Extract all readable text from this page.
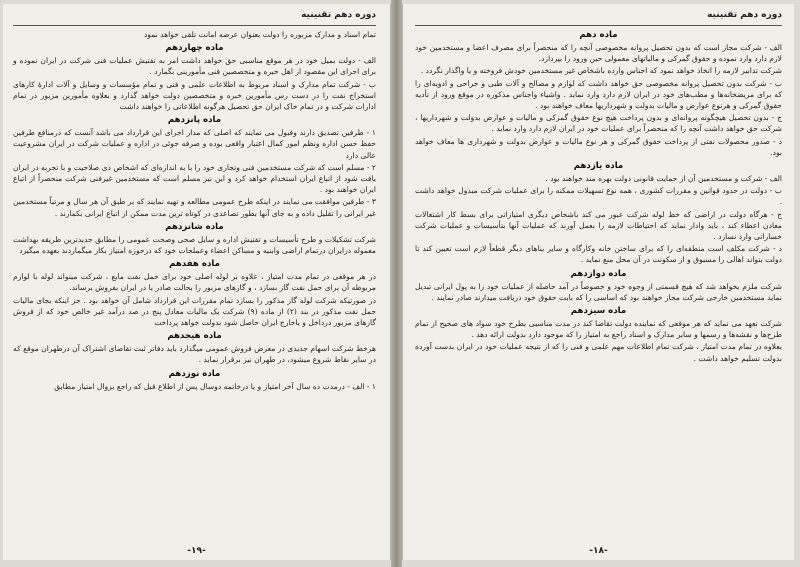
دوره دهم تقنینیه
تمام اسناد و مدارک مزبوره را دولت بعنوان عرضه امانت تلقی خواهد نمود
ماده چهاردهم
الف - دولت بمیل خود در هر موقع مناسبی حق خواهد داشت امر به تفتیش عملیات فنی شرکت در ایران نموده و برای اجرای این مقصود از اهل خبره و متخصصین فنی مأمورینی بگمارد .
ب - شرکت تمام مدارک و اسناد مربوط به اطلاعات علمی و فنی و تمام مؤسسات و وسایل و آلات ادارهٔ کارهای استخراج نفت را در دست رس مأمورین خبره و متخصصین دولت خواهد گذارد و بعلاوه مأمورین مزبور در تمام ادارات شرکت و در تمام خاک ایران حق تحصیل هرگونه اطلاعاتی را خواهند داشت
ماده پانزدهم
۱ - طرفین تصدیق دارند وقبول می نمایند که اصلی که مدار اجرای این قرارداد می باشد آنست که درمنافع طرفین حفظ حسن اداره ونظم امور کمال اعتبار واقعی بوده و صرفه جوئی در اداره و عملیات شرکت در ایران مشروعیت عالی دارد
۲ - مسلم است که شرکت مستخدمین فنی وتجاری خود را با به اندازه‌ای که اشخاص ذی صلاحیت و با تجربه در ایران یافت شود از اتباع ایران استخدام خواهد کرد و این نیز مسلم است که مستخدمین غیرفنی شرکت منحصراً از اتباع ایران خواهند بود .
۳ - طرفین موافقت می نمایند در اینکه طرح عمومی مطالعه و تهیه نمایند که بر طبق آن هر سال و مرتباً مستخدمین غیر ایرانی را تقلیل داده و به جای آنها بطور تصاعدی در کوتاه ترین مدت ممکن از اتباع ایرانی بکمارند .
ماده شانزدهم
شرکت تشکیلات و طرح تأسیسات و تفتیش اداره و سایل صحی وصحت عمومی را مطابق جدیدترین طریقه بهداشت معموله درایران درتمام اراضی وابنیه و مساکن اعضاء وعملجات خود که درحوزه امتیاز بکار میگماردند بعهده میگیرد
ماده هفدهم
در هر موقعی در تمام مدت امتیاز ، علاوه بر لوله اصلی خود برای حمل نفت مایع ، شرکت میتواند لوله با لوازم مربوطه آن برای حمل نفت گاز بسازد ، و گازهای مزبور را بحالت صادر یا در ایران بفروش برساند.
در صورتیکه شرکت لوله گاز مذکور را بسازد تمام مقررات این قرارداد شامل آن خواهد بود . جز اینکه بجای مالیات حمل نفت مذکور در بند (۲) از ماده (۹) شرکت یک مالیات معادل پنج در صد درآمد غیر خالص خود که از فروش گازهای مزبور درداخل و یاخارج ایران حاصل شود بدولت خواهد پرداخت
ماده هیجدهم
هرخط شرکت اسهام جدیدی در معرض فروش عمومی میگذارد باید دفاتر ثبت تقاضای اشتراک آن درطهران موقع که در سایر نقاط شروع میشود، در طهران نیز برقرار نماید .
ماده نوزدهم
۱ - الف - درمدت ده سال آخر امتیاز و یا درخاتمه دوسال پس از اطلاع قبل که راجع بزوال امتیاز مطابق
-۱۹-
دوره دهم تقنینیه
ماده دهم
الف - شرکت مجاز است که بدون تحصیل پروانه مخصوصی آنچه را که منحصراً برای مصرف اعضا و مستخدمین خود لازم دارد وارد نموده و حقوق گمرکی و مالیاتهای معمولی حین ورود را بپردازد.
شرکت تدابیر لازمه را اتخاذ خواهد نمود که اجناس وارده باشخاص غیر مستخدمین خودش فروخته و یا واگذار نگردد .
ب - شرکت بدون تحصیل پروانه مخصوصی حق خواهد داشت که لوازم و مصالح و آلات طبی و جراحی و ادویه‌ای را که برای مریضخانه‌ها و مطب‌های خود در ایران لازم دارد وارد نماید . واشیاء واجناس مذکوره در موقع ورود از تأدیه حقوق گمرکی و هرنوع عوارض و مالیات بدولت و شهرداریها معاف خواهند بود .
ج - بدون تحصیل هیچگونه پروانه‌ای و بدون پرداخت هیچ نوع حقوق گمرکی و مالیات و عوارض بدولت و شهرداریها ، شرکت حق خواهد داشت آنچه را که منحصراً برای عملیات خود در ایران لازم دارد وارد نماید .
د - صدور محصولات نفتی از پرداخت حقوق گمرکی و هر نوع مالیات و عوارض بدولت و شهرداری ها معاف خواهد بود.
ماده یازدهم
الف - شرکت و مستخدمین آن از حمایت قانونی دولت بهره مند خواهند بود .
ب - دولت در حدود قوانین و مقررات کشوری ، همه نوع تسهیلات ممکنه را برای عملیات شرکت مبذول خواهد داشت .
ج - هرگاه دولت در اراضی که خط لوله شرکت عبور می کند باشخاص دیگری امتیازاتی برای بسط کار اشتغالات معادن اعطاء کند ، باید وادار نماید که احتیاطات لازمه را بعمل آورند که عملیات آنها بتأسیسات و عملیات شرکت خساراتی وارد نسازد .
د - شرکت مکلف است منطقه‌ای را که برای ساختن خانه وکارگاه و سایر بناهای دیگر قطعاً لازم است تعیین کند تا دولت بتواند اهالی را مسبوق و از سکونت در آن محل منع نماید .
ماده دوازدهم
شرکت ملزم بخواهد شد که هیچ قسمتی از وجوه خود و خصوصاً در آمد حاصله از عملیات خود را به پول ایرانی تبدیل نماید مستخدمین خارجی شرکت مجاز خواهند بود که اساسی را که بابت حقوق خود دریافت میدارند صادر نمایند .
ماده سیزدهم
شرکت تعهد می نماید که هر موقعی که نماینده دولت تقاضا کند در مدت مناسبی بطرح خود سواد های صحیح از تمام طرح‌ها و نقشه‌ها و رسمها و سایر مدارک و اسناد راجع به امتیاز را که موجود دارد بدولت ارائه دهد .
بعلاوه در تمام مدت امتیاز ، شرکت تمام اطلاعات مهم علمی و فنی را که از نتیجه عملیات خود در ایران بدست آورده بدولت تسلیم خواهد داشت .
-۱۸-
